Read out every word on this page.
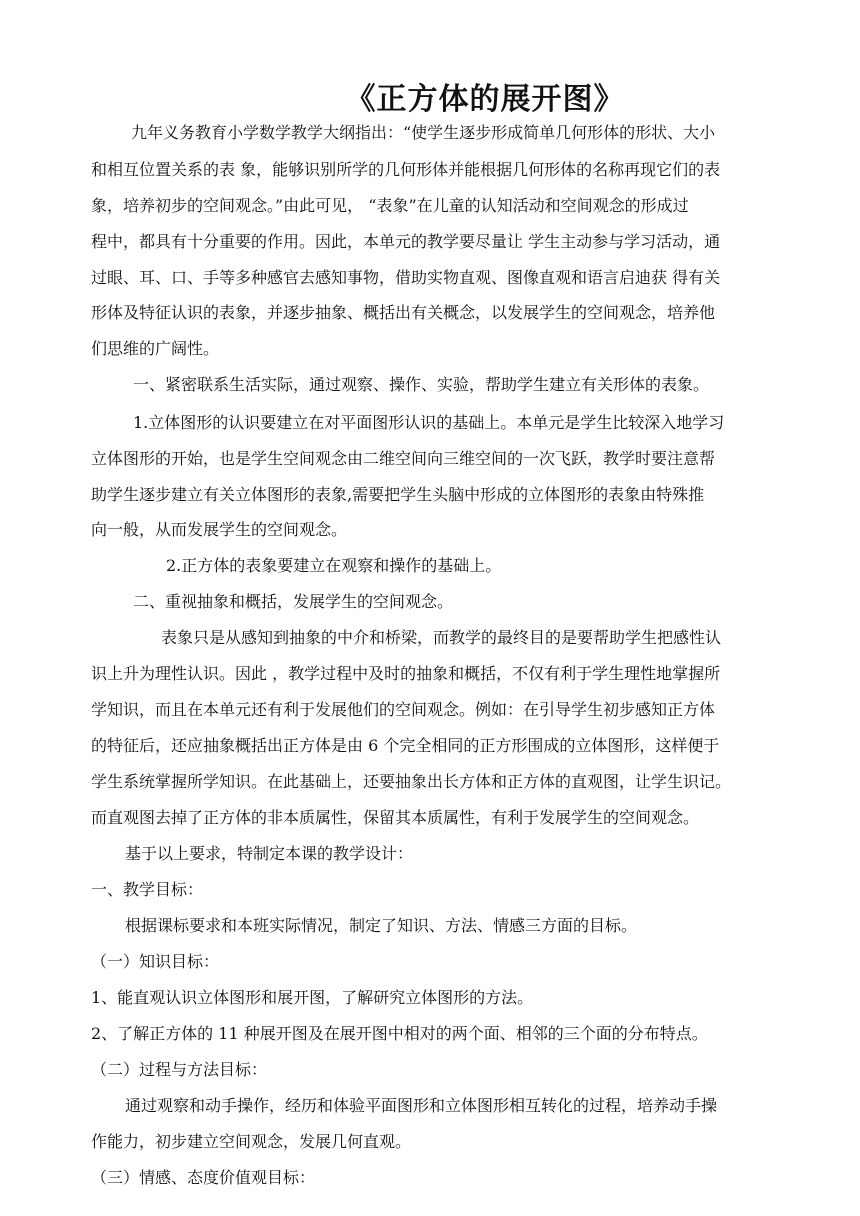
《正方体的展开图》
九年义务教育小学数学教学大纲指出：“使学生逐步形成简单几何形体的形状、大小
和相互位置关系的表 象，能够识别所学的几何形体并能根据几何形体的名称再现它们的表
象，培养初步的空间观念。”由此可见， “表象”在儿童的认知活动和空间观念的形成过
程中，都具有十分重要的作用。因此，本单元的教学要尽量让 学生主动参与学习活动，通
过眼、耳、口、手等多种感官去感知事物，借助实物直观、图像直观和语言启迪获 得有关
形体及特征认识的表象，并逐步抽象、概括出有关概念，以发展学生的空间观念，培养他
们思维的广阔性。
一、紧密联系生活实际，通过观察、操作、实验，帮助学生建立有关形体的表象。
1.立体图形的认识要建立在对平面图形认识的基础上。本单元是学生比较深入地学习
立体图形的开始，也是学生空间观念由二维空间向三维空间的一次飞跃，教学时要注意帮
助学生逐步建立有关立体图形的表象,需要把学生头脑中形成的立体图形的表象由特殊推
向一般，从而发展学生的空间观念。
2.正方体的表象要建立在观察和操作的基础上。
二、重视抽象和概括，发展学生的空间观念。
表象只是从感知到抽象的中介和桥梁，而教学的最终目的是要帮助学生把感性认
识上升为理性认识。因此 ，教学过程中及时的抽象和概括，不仅有利于学生理性地掌握所
学知识，而且在本单元还有利于发展他们的空间观念。例如：在引导学生初步感知正方体
的特征后，还应抽象概括出正方体是由 6 个完全相同的正方形围成的立体图形，这样便于
学生系统掌握所学知识。在此基础上，还要抽象出长方体和正方体的直观图，让学生识记。
而直观图去掉了正方体的非本质属性，保留其本质属性，有利于发展学生的空间观念。
基于以上要求，特制定本课的教学设计：
一、教学目标：
根据课标要求和本班实际情况，制定了知识、方法、情感三方面的目标。
（一）知识目标：
1、能直观认识立体图形和展开图，了解研究立体图形的方法。
2、了解正方体的 11 种展开图及在展开图中相对的两个面、相邻的三个面的分布特点。
（二）过程与方法目标：
通过观察和动手操作，经历和体验平面图形和立体图形相互转化的过程，培养动手操
作能力，初步建立空间观念，发展几何直观。
（三）情感、态度价值观目标：
